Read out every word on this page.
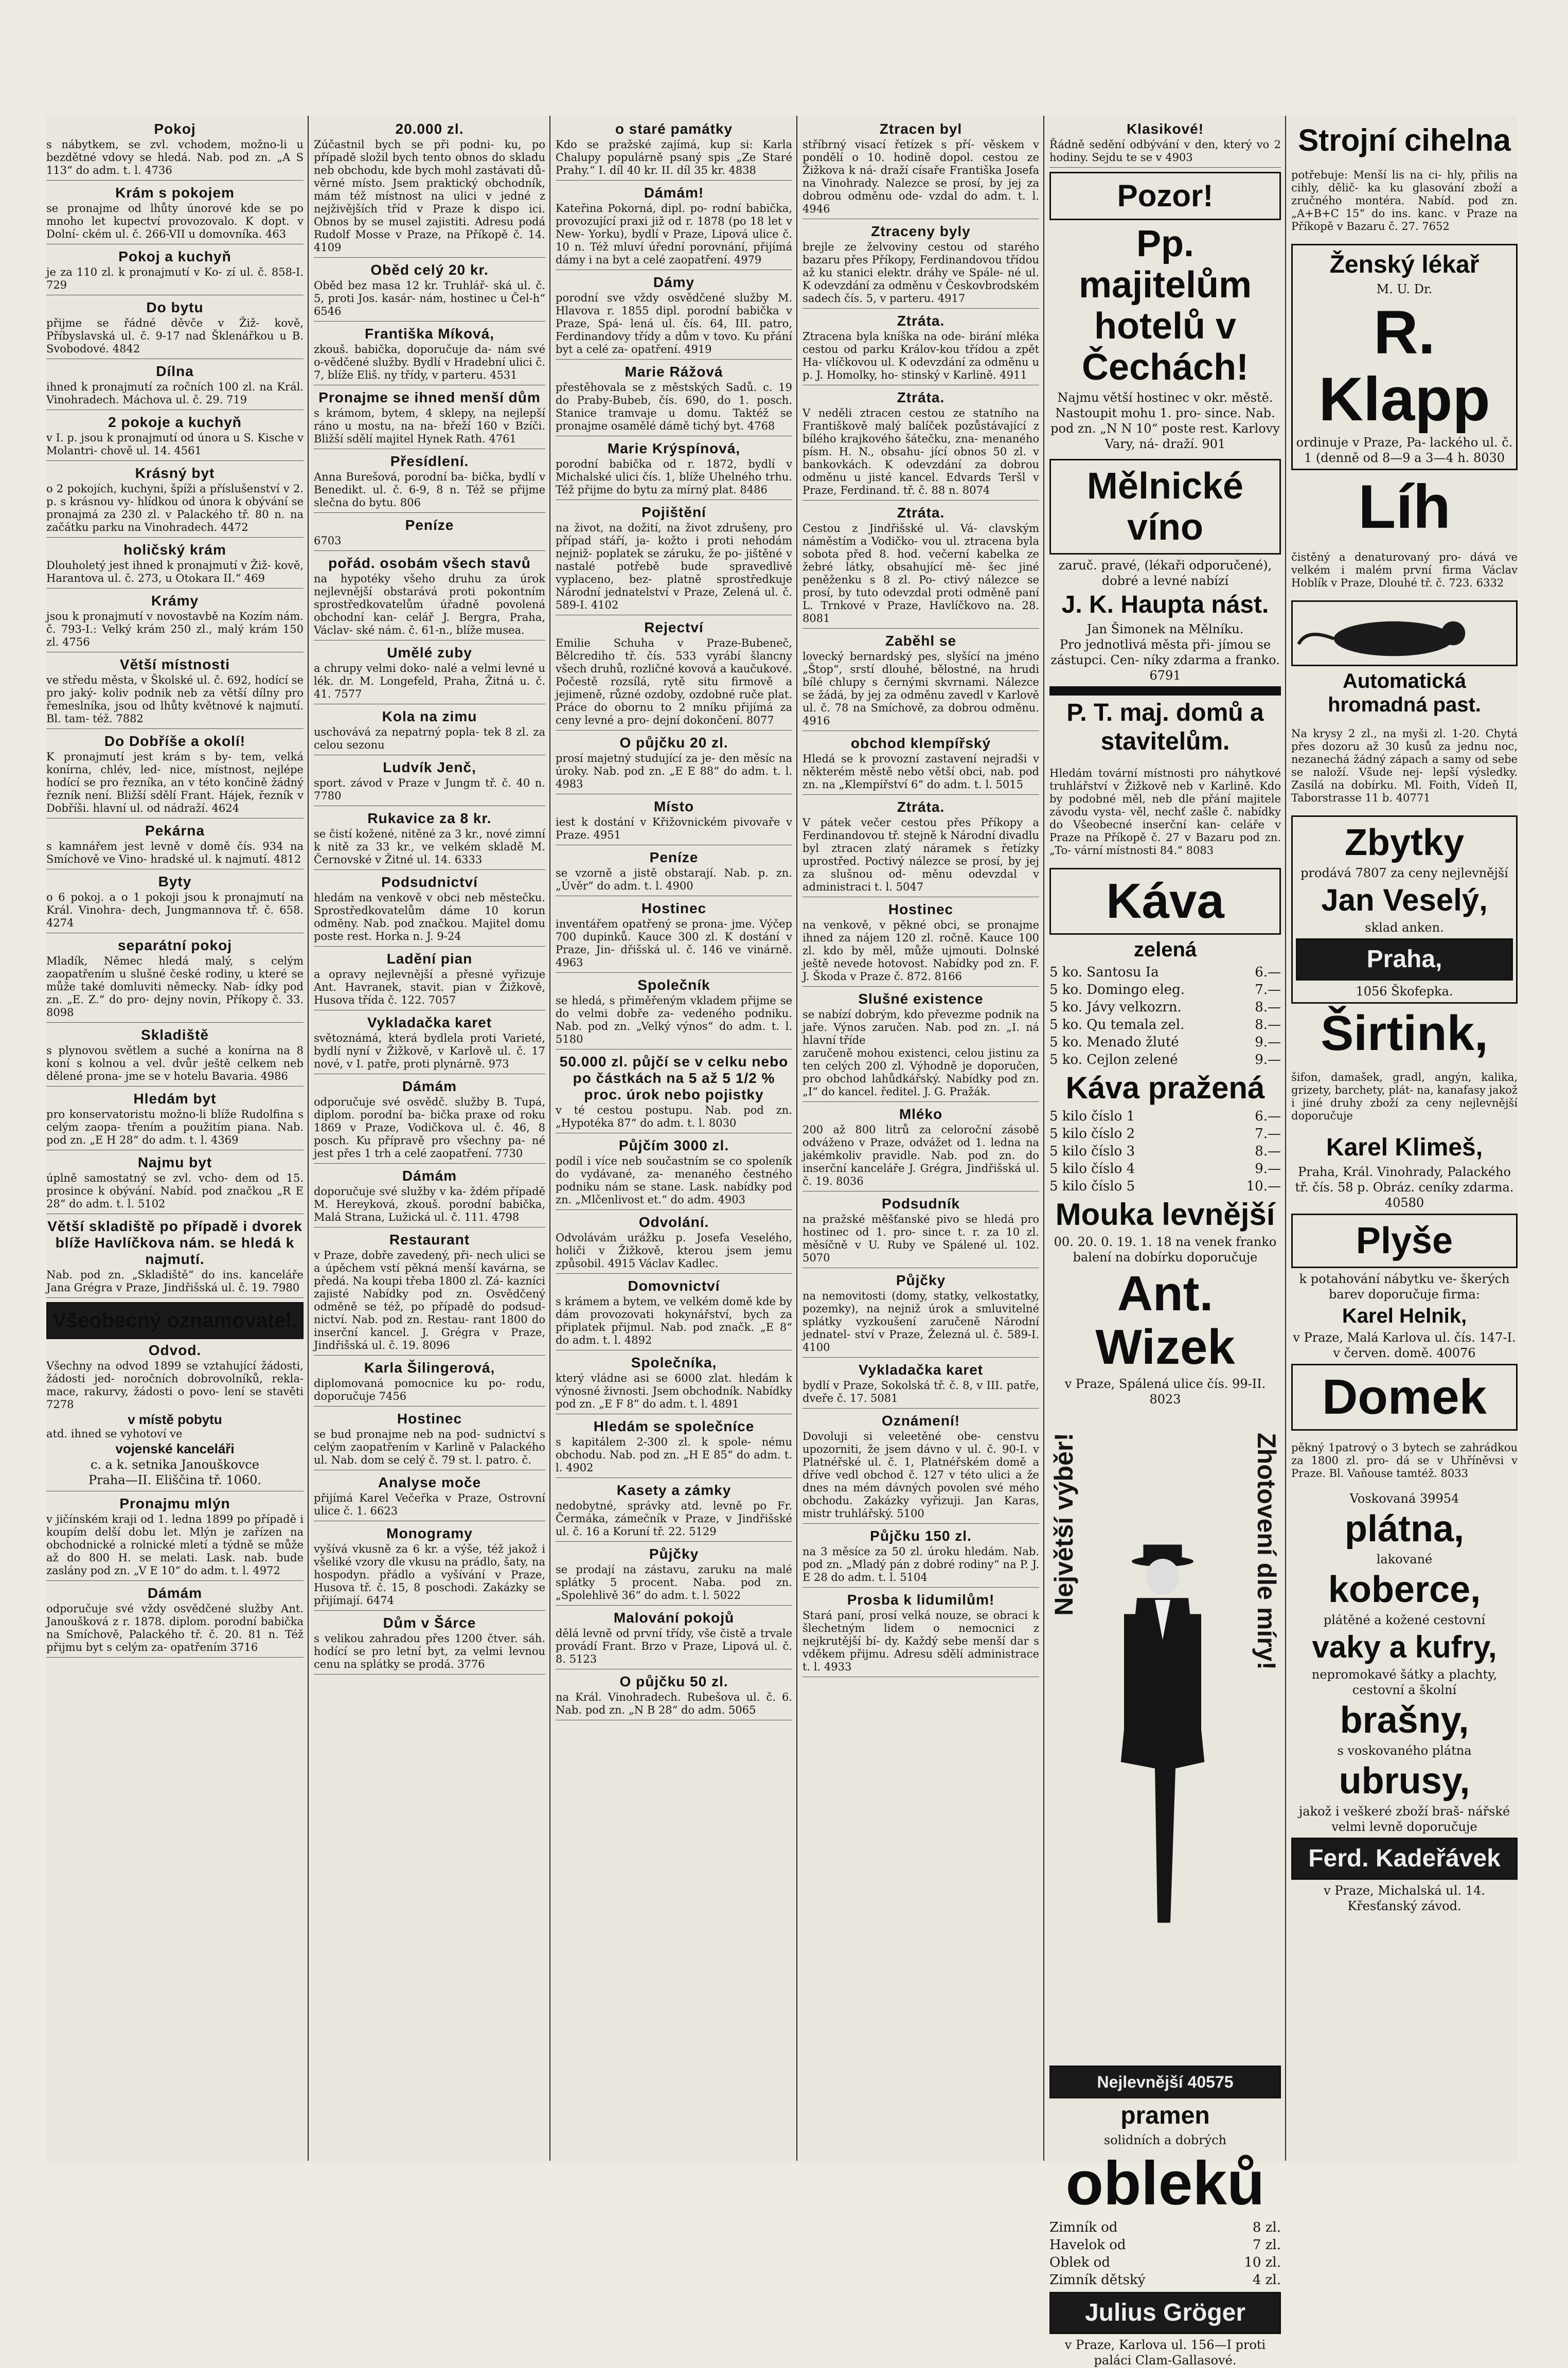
Pokoj

s nábytkem, se zvl. vchodem, možno-li u bezdětné vdovy se hledá. Nab. pod zn. „A S 113“ do adm. t. l. 4736

Krám s pokojem

se pronajme od lhůty únorové kde se po mnoho let kupectví provozovalo. K dopt. v Dolní- ckém ul. č. 266-VII u domovníka. 463

Pokoj a kuchyň

je za 110 zl. k pronajmutí v Ko- zí ul. č. 858-I. 729

Do bytu

přijme se řádné děvče v Žiž- kově, Příbyslavská ul. č. 9-17 nad Šklenářkou u B. Svobodové. 4842

Dílna

ihned k pronajmutí za ročních 100 zl. na Král. Vinohradech. Máchova ul. č. 29. 719

2 pokoje a kuchyň

v I. p. jsou k pronajmutí od února u S. Kische v Molantri- chově ul. 14. 4561

Krásný byt

o 2 pokojích, kuchyni, špíži a příslušenství v 2. p. s krásnou vy- hlídkou od února k obývání se pronajmá za 230 zl. v Palackého tř. 80 n. na začátku parku na Vinohradech. 4472

holičský krám

Dlouholetý jest ihned k pronajmutí v Žiž- kově, Harantova ul. č. 273, u Otokara II.“ 469

Krámy

jsou k pronajmutí v novostavbě na Kozím nám. č. 793-I.: Velký krám 250 zl., malý krám 150 zl. 4756

Větší místnosti

ve středu města, v Školské ul. č. 692, hodící se pro jaký- koliv podnik neb za větší dílny pro řemeslníka, jsou od lhůty květnové k najmutí. Bl. tam- též. 7882

Do Dobříše a okolí!

K pronajmutí jest krám s by- tem, velká konírna, chlév, led- nice, místnost, nejlépe hodící se pro řezníka, an v této končině žádný řezník není. Bližší sdělí Frant. Hájek, řezník v Dobříši. hlavní ul. od nádraží. 4624

Pekárna

s kamnářem jest levně v domě čís. 934 na Smíchově ve Vino- hradské ul. k najmutí. 4812

Byty

o 6 pokoj. a o 1 pokoji jsou k pronajmutí na Král. Vinohra- dech, Jungmannova tř. č. 658. 4274

separátní pokoj

Mladík, Němec hledá malý, s celým zaopatřením u slušné české rodiny, u které se může také domluviti německy. Nab- ídky pod zn. „E. Z.“ do pro- dejny novin, Příkopy č. 33. 8098

Skladiště

s plynovou světlem a suché a konírna na 8 koní s kolnou a vel. dvůr ještě celkem neb dělené prona- jme se v hotelu Bavaria. 4986

Hledám byt

pro konservatoristu možno-li blíže Rudolfina s celým zaopa- třením a použitím piana. Nab. pod zn. „E H 28“ do adm. t. l. 4369

Najmu byt

úplně samostatný se zvl. vcho- dem od 15. prosince k obývání. Nabíd. pod značkou „R E 28“ do adm. t. l. 5102

Větší skladiště po případě i dvorek blíže Havlíčkova nám. se hledá k najmutí.

Nab. pod zn. „Skladiště“ do ins. kanceláře Jana Grégra v Praze, Jindřišská ul. č. 19. 7980

Všeobecný oznamovatel.
Odvod.

Všechny na odvod 1899 se vztahující žádosti, žádosti jed- noročních dobrovolníků, rekla- mace, rakurvy, žádosti o povo- lení se stavěti 7278

v místě pobytu

atd. ihned se vyhotoví ve

vojenské kanceláři

c. a k. setnika Janouškovce

Praha—II. Eliščina tř. 1060.

Pronajmu mlýn

v jičínském kraji od 1. ledna 1899 po případě i koupím delší dobu let. Mlýn je zařízen na obchodnické a rolnické mletí a týdně se může až do 800 H. se melati. Lask. nab. bude zaslány pod zn. „V E 10“ do adm. t. l. 4972

Dámám

odporučuje své vždy osvědčené služby Ant. Janoušková z r. 1878. diplom. porodní babička na Smíchově, Palackého tř. č. 20. 81 n. Též přijmu byt s celým za- opatřením 3716

20.000 zl.

Zúčastnil bych se při podni- ku, po případě složil bych tento obnos do skladu neb obchodu, kde bych mohl zastávati dů- věrné místo. Jsem praktický obchodník, mám též místnost na ulici v jedné z nejživějších tříd v Praze k dispo ici. Obnos by se musel zajistiti. Adresu podá Rudolf Mosse v Praze, na Příkopě č. 14. 4109

Oběd celý 20 kr.

Oběd bez masa 12 kr. Truhlář- ská ul. č. 5, proti Jos. kasár- nám, hostinec u Čel-h“ 6546

Františka Míková,

zkouš. babička, doporučuje da- nám své o-vědčené služby. Bydlí v Hradební ulici č. 7, blíže Eliš. ny třídy, v parteru. 4531

Pronajme se ihned menší dům

s krámom, bytem, 4 sklepy, na nejlepší ráno u mostu, na na- břeží 160 v Bzíči. Bližší sdělí majitel Hynek Rath. 4761

Přesídlení.

Anna Burešová, porodní ba- bička, bydlí v Benedikt. ul. č. 6-9, 8 n. Též se přijme slečna do bytu. 806

Peníze

6703

pořád. osobám všech stavů

na hypotéky všeho druhu za úrok nejlevnější obstarává proti pokontním sprostředkovatelům úřadně povolená obchodní kan- celář J. Bergra, Praha, Václav- ské nám. č. 61-n., blíže musea.

Umělé zuby

a chrupy velmi doko- nalé a velmi levné u lék. dr. M. Longefeld, Praha, Žitná u. č. 41. 7577

Kola na zimu

uschovává za nepatrný popla- tek 8 zl. za celou sezonu

Ludvík Jenč,

sport. závod v Praze v Jungm tř. č. 40 n. 7780

Rukavice za 8 kr.

se čistí kožené, nitěné za 3 kr., nové zimní k nitě za 33 kr., ve velkém skladě M. Černovské v Žitné ul. 14. 6333

Podsudnictví

hledám na venkově v obci neb městečku. Sprostředkovatelům dáme 10 korun odměny. Nab. pod značkou. Majitel domu poste rest. Horka n. J. 9-24

Ladění pian

a opravy nejlevnější a přesné vyřizuje Ant. Havranek, stavit. pian v Žižkově, Husova třída č. 122. 7057

Vykladačka karet

světoznámá, která bydlela proti Varieté, bydlí nyní v Žižkově, v Karlově ul. č. 17 nové, v I. patře, proti plynárně. 973

Dámám

odporučuje své osvědč. služby B. Tupá, diplom. porodní ba- bička praxe od roku 1869 v Praze, Vodičkova ul. č. 46, 8 posch. Ku přípravě pro všechny pa- né jest přes 1 trh a celé zaopatření. 7730

Dámám

doporučuje své služby v ka- ždém případě M. Hereyková, zkouš. porodní babička, Malá Strana, Lužická ul. č. 111. 4798

Restaurant

v Praze, dobře zavedený, při- nech ulici se a úpěchem vstí pěkná menší kavárna, se předá. Na koupi třeba 1800 zl. Zá- kazníci zajisté Nabídky pod zn. Osvědčený odměně se též, po případě do podsud- nictví. Nab. pod zn. Restau- rant 1800 do inserční kancel. J. Grégra v Praze, Jindřišská ul. č. 19. 8096

Karla Šilingerová,

diplomovaná pomocnice ku po- rodu, doporučuje 7456

Hostinec

se bud pronajme neb na pod- sudnictví s celým zaopatřením v Karlině v Palackého ul. Nab. dom se celý č. 79 st. l. patro. č.

Analyse moče

přijímá Karel Večeřka v Praze, Ostrovní ulice č. 1. 6623

Monogramy

vyšívá vkusně za 6 kr. a výše, též jakož i všeliké vzory dle vkusu na prádlo, šaty, na hospodyn. přádlo a vyšívání v Praze, Husova tř. č. 15, 8 poschodi. Zakázky se přijímají. 6474

Dům v Šárce

s velikou zahradou přes 1200 čtver. sáh. hodící se pro letní byt, za velmi levnou cenu na splátky se prodá. 3776

o staré památky

Kdo se pražské zajímá, kup si: Karla Chalupy populárně psaný spis „Ze Staré Prahy.“ I. díl 40 kr. II. díl 35 kr. 4838

Dámám!

Kateřina Pokorná, dipl. po- rodní babička, provozující praxi již od r. 1878 (po 18 let v New- Yorku), bydlí v Praze, Lipová ulice č. 10 n. Též mluví úřední porovnání, přijímá dámy i na byt a celé zaopatření. 4979

Dámy

porodní sve vždy osvědčené služby M. Hlavova r. 1855 dipl. porodní babička v Praze, Spá- lená ul. čís. 64, III. patro, Ferdinandovy třídy a dům v tovo. Ku přání byt a celé za- opatření. 4919

Marie Rážová

přestěhovala se z městských Sadů. c. 19 do Praby-Bubeb, čís. 690, do 1. posch. Stanice tramvaje u domu. Taktéž se pronajme osamělé dámě tichý byt. 4768

Marie Krýspínová,

porodní babička od r. 1872, bydlí v Michalské ulici čís. 1, blíže Uhelného trhu. Též přijme do bytu za mírný plat. 8486

Pojištění

na život, na dožití, na život zdrušeny, pro případ stáří, ja- kožto i proti nehodám nejniž- poplatek se záruku, že po- jištěné v nastalé potřebě bude spravedlivě vyplaceno, bez- platně sprostředkuje Národní jednatelství v Praze, Zelená ul. č. 589-I. 4102

Rejectví

Emilie Schuha v Praze-Bubeneč, Bělcrediho tř. čís. 533 vyrábí šlancny všech druhů, rozličné kovová a kaučukové. Počestě rozsílá, rytě situ firmově a jejimeně, různé ozdoby, ozdobné ruče plat. Práce do obornu to 2 mníku přijímá za ceny levné a pro- dejní dokončení. 8077

O půjčku 20 zl.

prosí majetný studující za je- den měsíc na úroky. Nab. pod zn. „E E 88“ do adm. t. l. 4983

Místo

iest k dostání v Křižovnickém pivovaře v Praze. 4951

Peníze

se vzorně a jistě obstarají. Nab. p. zn. „Úvěr“ do adm. t. l. 4900

Hostinec

inventářem opatřený se prona- jme. Výčep 700 dupinků. Kauce 300 zl. K dostání v Praze, Jin- dřišská ul. č. 146 ve vinárně. 4963

Společník

se hledá, s přiměřeným vkladem přijme se do velmi dobře za- vedeného podniku. Nab. pod zn. „Velký výnos“ do adm. t. l. 5180

50.000 zl. půjčí se v celku nebo po částkách na 5 až 5 1/2 % proc. úrok nebo pojistky

v té cestou postupu. Nab. pod zn. „Hypotéka 87“ do adm. t. l. 8030

Půjčím 3000 zl.

podíl i více neb součastním se co spoleník do vydávané, za- menaného čestného podniku nám se stane. Lask. nabídky pod zn. „Mlčenlivost et.“ do adm. 4903

Odvolání.

Odvolávám urážku p. Josefa Veselého, holiči v Žižkově, kterou jsem jemu způsobil. 4915 Václav Kadlec.

Domovnictví

s krámem a bytem, ve velkém domě kde by dám provozovati hokynářství, bych za připlatek přijmul. Nab. pod značk. „E 8“ do adm. t. l. 4892

Společníka,

který vládne asi se 6000 zlat. hledám k výnosné živnosti. Jsem obchodník. Nabídky pod zn. „E F 8“ do adm. t. l. 4891

Hledám se společníce

s kapitálem 2-300 zl. k spole- nému obchodu. Nab. pod zn. „H E 85“ do adm. t. l. 4902

Kasety a zámky

nedobytné, správky atd. levně po Fr. Čermáka, zámečník v Praze, v Jindřišské ul. č. 16 a Koruní tř. 22. 5129

Půjčky

se prodají na zástavu, zaruku na malé splátky 5 procent. Naba. pod zn. „Spolehlivě 36“ do adm. t. l. 5022

Malování pokojů

dělá levně od první třídy, vše čistě a trvale provádí Frant. Brzo v Praze, Lipová ul. č. 8. 5123

O půjčku 50 zl.

na Král. Vinohradech. Rubešova ul. č. 6. Nab. pod zn. „N B 28“ do adm. 5065

Ztracen byl

stříbrný visací řetízek s pří- věskem v pondělí o 10. hodině dopol. cestou ze Žižkova k ná- draží císaře Františka Josefa na Vinohrady. Nalezce se prosí, by jej za dobrou odměnu ode- vzdal do adm. t. l. 4946

Ztraceny byly

brejle ze želvoviny cestou od starého bazaru přes Příkopy, Ferdinandovou třídou až ku stanici elektr. dráhy ve Spále- né ul. K odevzdání za odměnu v Českovbrodském sadech čís. 5, v parteru. 4917

Ztráta.

Ztracena byla kníška na ode- birání mléka cestou od parku Králov-kou třídou a zpět Ha- vlíčkovou ul. K odevzdání za odměnu u p. J. Homolky, ho- stinský v Karlině. 4911

Ztráta.

V neděli ztracen cestou ze statního na Františkově malý balíček pozůstávající z bílého krajkového šátečku, zna- menaného písm. H. N., obsahu- jící obnos 50 zl. v bankovkách. K odevzdání za dobrou odměnu u jisté kancel. Edvards Teršl v Praze, Ferdinand. tř. č. 88 n. 8074

Ztráta.

Cestou z Jindřišské ul. Vá- clavským náměstím a Vodičko- vou ul. ztracena byla sobota před 8. hod. večerní kabelka ze žebré látky, obsahující mě- šec jiné peněženku s 8 zl. Po- ctivý nálezce se prosí, by tuto odevzdal proti odměně paní L. Trnkové v Praze, Havlíčkovo na. 28. 8081

Zaběhl se

lovecký bernardský pes, slyšící na jméno „Štop“, srstí dlouhé, bělostné, na hrudi bílé chlupy s černými skvrnami. Nálezce se žádá, by jej za odměnu zavedl v Karlově ul. č. 78 na Smíchově, za dobrou odměnu. 4916

obchod klempířský

Hledá se k provozní zastavení nejradši v některém městě nebo větší obci, nab. pod zn. na „Klempířství 6“ do adm. t. l. 5015

Ztráta.

V pátek večer cestou přes Příkopy a Ferdinandovou tř. stejně k Národní divadlu byl ztracen zlatý náramek s řetízky uprostřed. Poctivý nálezce se prosí, by jej za slušnou od- měnu odevzdal v administraci t. l. 5047

Hostinec

na venkově, v pěkné obci, se pronajme ihned za nájem 120 zl. ročně. Kauce 100 zl. kdo by měl, může ujmouti. Dolnské ještě nevede hotovost. Nabídky pod zn. F. J. Škoda v Praze č. 872. 8166

Slušné existence

se nabízí dobrým, kdo převezme podnik na jaře. Výnos zaručen. Nab. pod zn. „I. ná hlavní tříde

zaručeně mohou existenci, celou jistinu za ten celých 200 zl. Výhodně je doporučen, pro obchod lahůdkářský. Nabídky pod zn. „I“ do kancel. ředitel. J. G. Pražák.

Mléko

200 až 800 litrů za celoroční zásobě odváženo v Praze, odvážet od 1. ledna na jakémkoliv pravidle. Nab. pod zn. do inserční kanceláře J. Grégra, Jindřišská ul. č. 19. 8036

Podsudník

na pražské měšťanské pivo se hledá pro hostinec od 1. pro- since t. r. za 10 zl. měsíčně v U. Ruby ve Spálené ul. 102. 5070

Půjčky

na nemovitosti (domy, statky, velkostatky, pozemky), na nejniž úrok a smluvitelné splátky vyzkoušení zaručeně Národní jednatel- ství v Praze, Železná ul. č. 589-I. 4100

Vykladačka karet

bydlí v Praze, Sokolská tř. č. 8, v III. patře, dveře č. 17. 5081

Oznámení!

Dovoluji si veleetěné obe- censtvu upozorniti, že jsem dávno v ul. č. 90-I. v Platnéřské ul. č. 1, Platnéřském domě a dříve vedl obchod č. 127 v této ulici a že dnes na mém dávných povolen své mého obchodu. Zakázky vyřizuji. Jan Karas, mistr truhlářský. 5100

Půjčku 150 zl.

na 3 měsíce za 50 zl. úroku hledám. Nab. pod zn. „Mladý pán z dobré rodiny“ na P. J. E 28 do adm. t. l. 5104

Prosba k lidumilům!

Stará paní, prosí velká nouze, se obraci k šlechetným lidem o nemocnici z nejkrutější bí- dy. Každý sebe menší dar s vděkem přijmu. Adresu sdělí administrace t. l. 4933

Klasikové!

Řádně sedění odbývání v den, který vo 2 hodiny. Sejdu te se v 4903

Pozor!
Pp. majitelům hotelů v Čechách!

Najmu větší hostinec v okr. městě. Nastoupit mohu 1. pro- since. Nab. pod zn. „N N 10“ poste rest. Karlovy Vary, ná- draží. 901

Mělnické víno

zaruč. pravé, (lékaři odporučené), dobré a levné nabízí

J. K. Haupta nást.

Jan Šimonek na Mělníku.

Pro jednotlivá města při- jímou se zástupci. Cen- níky zdarma a franko. 6791

P. T. maj. domů a stavitelům.

Hledám tovární místnosti pro náhytkové truhlářství v Žižkově neb v Karlině. Kdo by podobné měl, neb dle přání majitele závodu vysta- věl, nechť zašle č. nabídky do Všeobecné inserční kan- celáře v Praze na Příkopě č. 27 v Bazaru pod zn. „To- vární místnosti 84.“ 8083

Káva
zelená
5 ko. Santosu Ia	6.—
5 ko. Domingo eleg.	7.—
5 ko. Jávy velkozrn.	8.—
5 ko. Qu temala zel.	8.—
5 ko. Menado žluté	9.—
5 ko. Cejlon zelené	9.—
Káva pražená
5 kilo číslo 1	6.—
5 kilo číslo 2	7.—
5 kilo číslo 3	8.—
5 kilo číslo 4	9.—
5 kilo číslo 5	10.—
Mouka levnější

00. 20. 0. 19. 1. 18 na venek franko balení na dobírku doporučuje

Ant. Wizek

v Praze, Spálená ulice čís. 99-II. 8023

Největší výběr!	Zhotovení dle míry!
Nejlevnější 40575
pramen

solidních a dobrých

obleků
Zimník od	8 zl.
Havelok od	7 zl.
Oblek od	10 zl.
Zimník dětský	4 zl.
Julius Gröger

v Praze, Karlova ul. 156—I proti paláci Clam-Gallasové.

Strojní cihelna

potřebuje: Menší lis na ci- hly, přilis na cihly, dělič- ka ku glasování zboží a zručného montéra. Nabíd. pod zn. „A+B+C 15“ do ins. kanc. v Praze na Příkopě v Bazaru č. 27. 7652

Ženský lékař

M. U. Dr.

R. Klapp

ordinuje v Praze, Pa- lackého ul. č. 1 (denně od 8—9 a 3—4 h. 8030

Líh

čistěný a denaturovaný pro- dává ve velkém i malém první firma Václav Hoblík v Praze, Dlouhé tř. č. 723. 6332

Automatická hromadná past.

Na krysy 2 zl., na myši zl. 1-20. Chytá přes dozoru až 30 kusů za jednu noc, nezanechá žádný zápach a samy od sebe se naloží. Všude nej- lepší výsledky. Zasílá na dobírku. Ml. Foith, Vídeň II, Taborstrasse 11 b. 40771

Zbytky

prodává 7807 za ceny nejlevnější

Jan Veselý,

sklad anken.

Praha,

1056 Škofepka.

Širtink,

šifon, damašek, gradl, angýn, kalika, grizety, barchety, plát- na, kanafasy jakož i jiné druhy zboží za ceny nejlevnější doporučuje

Karel Klimeš,

Praha, Král. Vinohrady, Palackého tř. čís. 58 p. Obráz. ceníky zdarma. 40580

Plyše

k potahování nábytku ve- škerých barev doporučuje firma:

Karel Helnik,

v Praze, Malá Karlova ul. čís. 147-I. v červen. domě. 40076

Domek

pěkný 1patrový o 3 bytech se zahrádkou za 1800 zl. pro- dá se v Uhříněvsi v Praze. Bl. Vaňouse tamtéž. 8033

Voskovaná 39954

plátna,

lakované

koberce,

plátěné a kožené cestovní

vaky a kufry,

nepromokavé šátky a plachty, cestovní a školní

brašny,

s voskovaného plátna

ubrusy,

jakož i veškeré zboží braš- nářské velmi levně doporučuje

Ferd. Kadeřávek

v Praze, Michalská ul. 14. Křesťanský závod.
